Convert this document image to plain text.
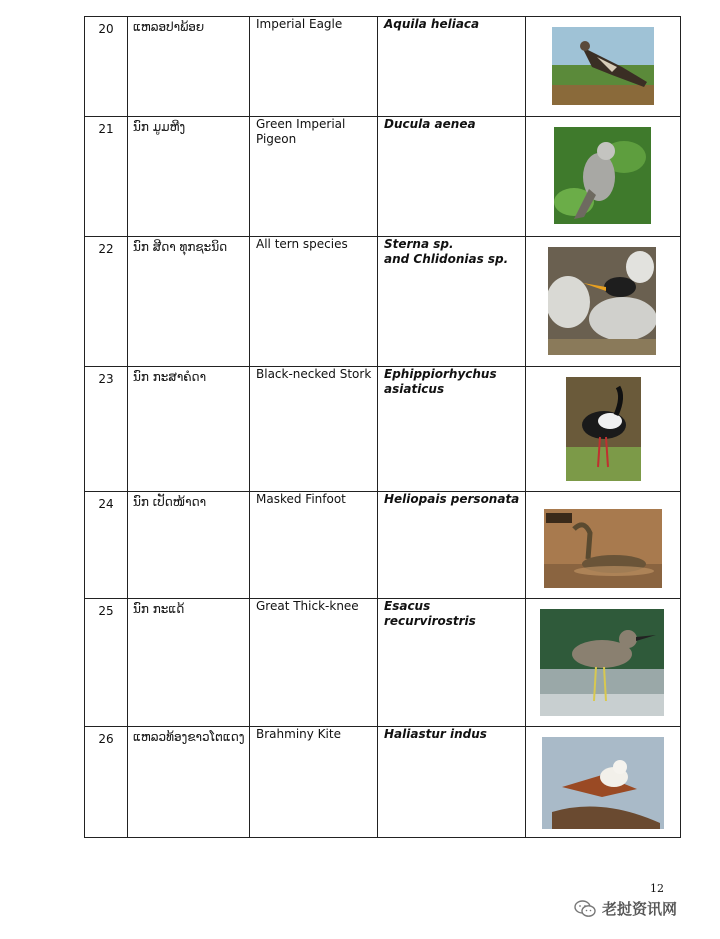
20	ແຫລອປາພ້ອຍ	Imperial Eagle	Aquila heliaca	

21	ນົກ ມູມຫີງ	Green Imperial Pigeon	Ducula aenea	

22	ນົກ ສີດາ ທຸກຊະນິດ	All tern species	Sterna sp.
and Chlidonias sp.	

23	ນົກ ກະສາຄໍດາ	Black-necked Stork	Ephippiorhychus asiaticus	

24	ນົກ ເປັດໜ້າດາ	Masked Finfoot	Heliopais personata	

25	ນົກ ກະແດ້	Great Thick-knee	Esacus recurvirostris	

26	ແຫລວທ້ອງຂາວໂຕແດງ	Brahminy Kite	Haliastur indus	
12
老挝资讯网
